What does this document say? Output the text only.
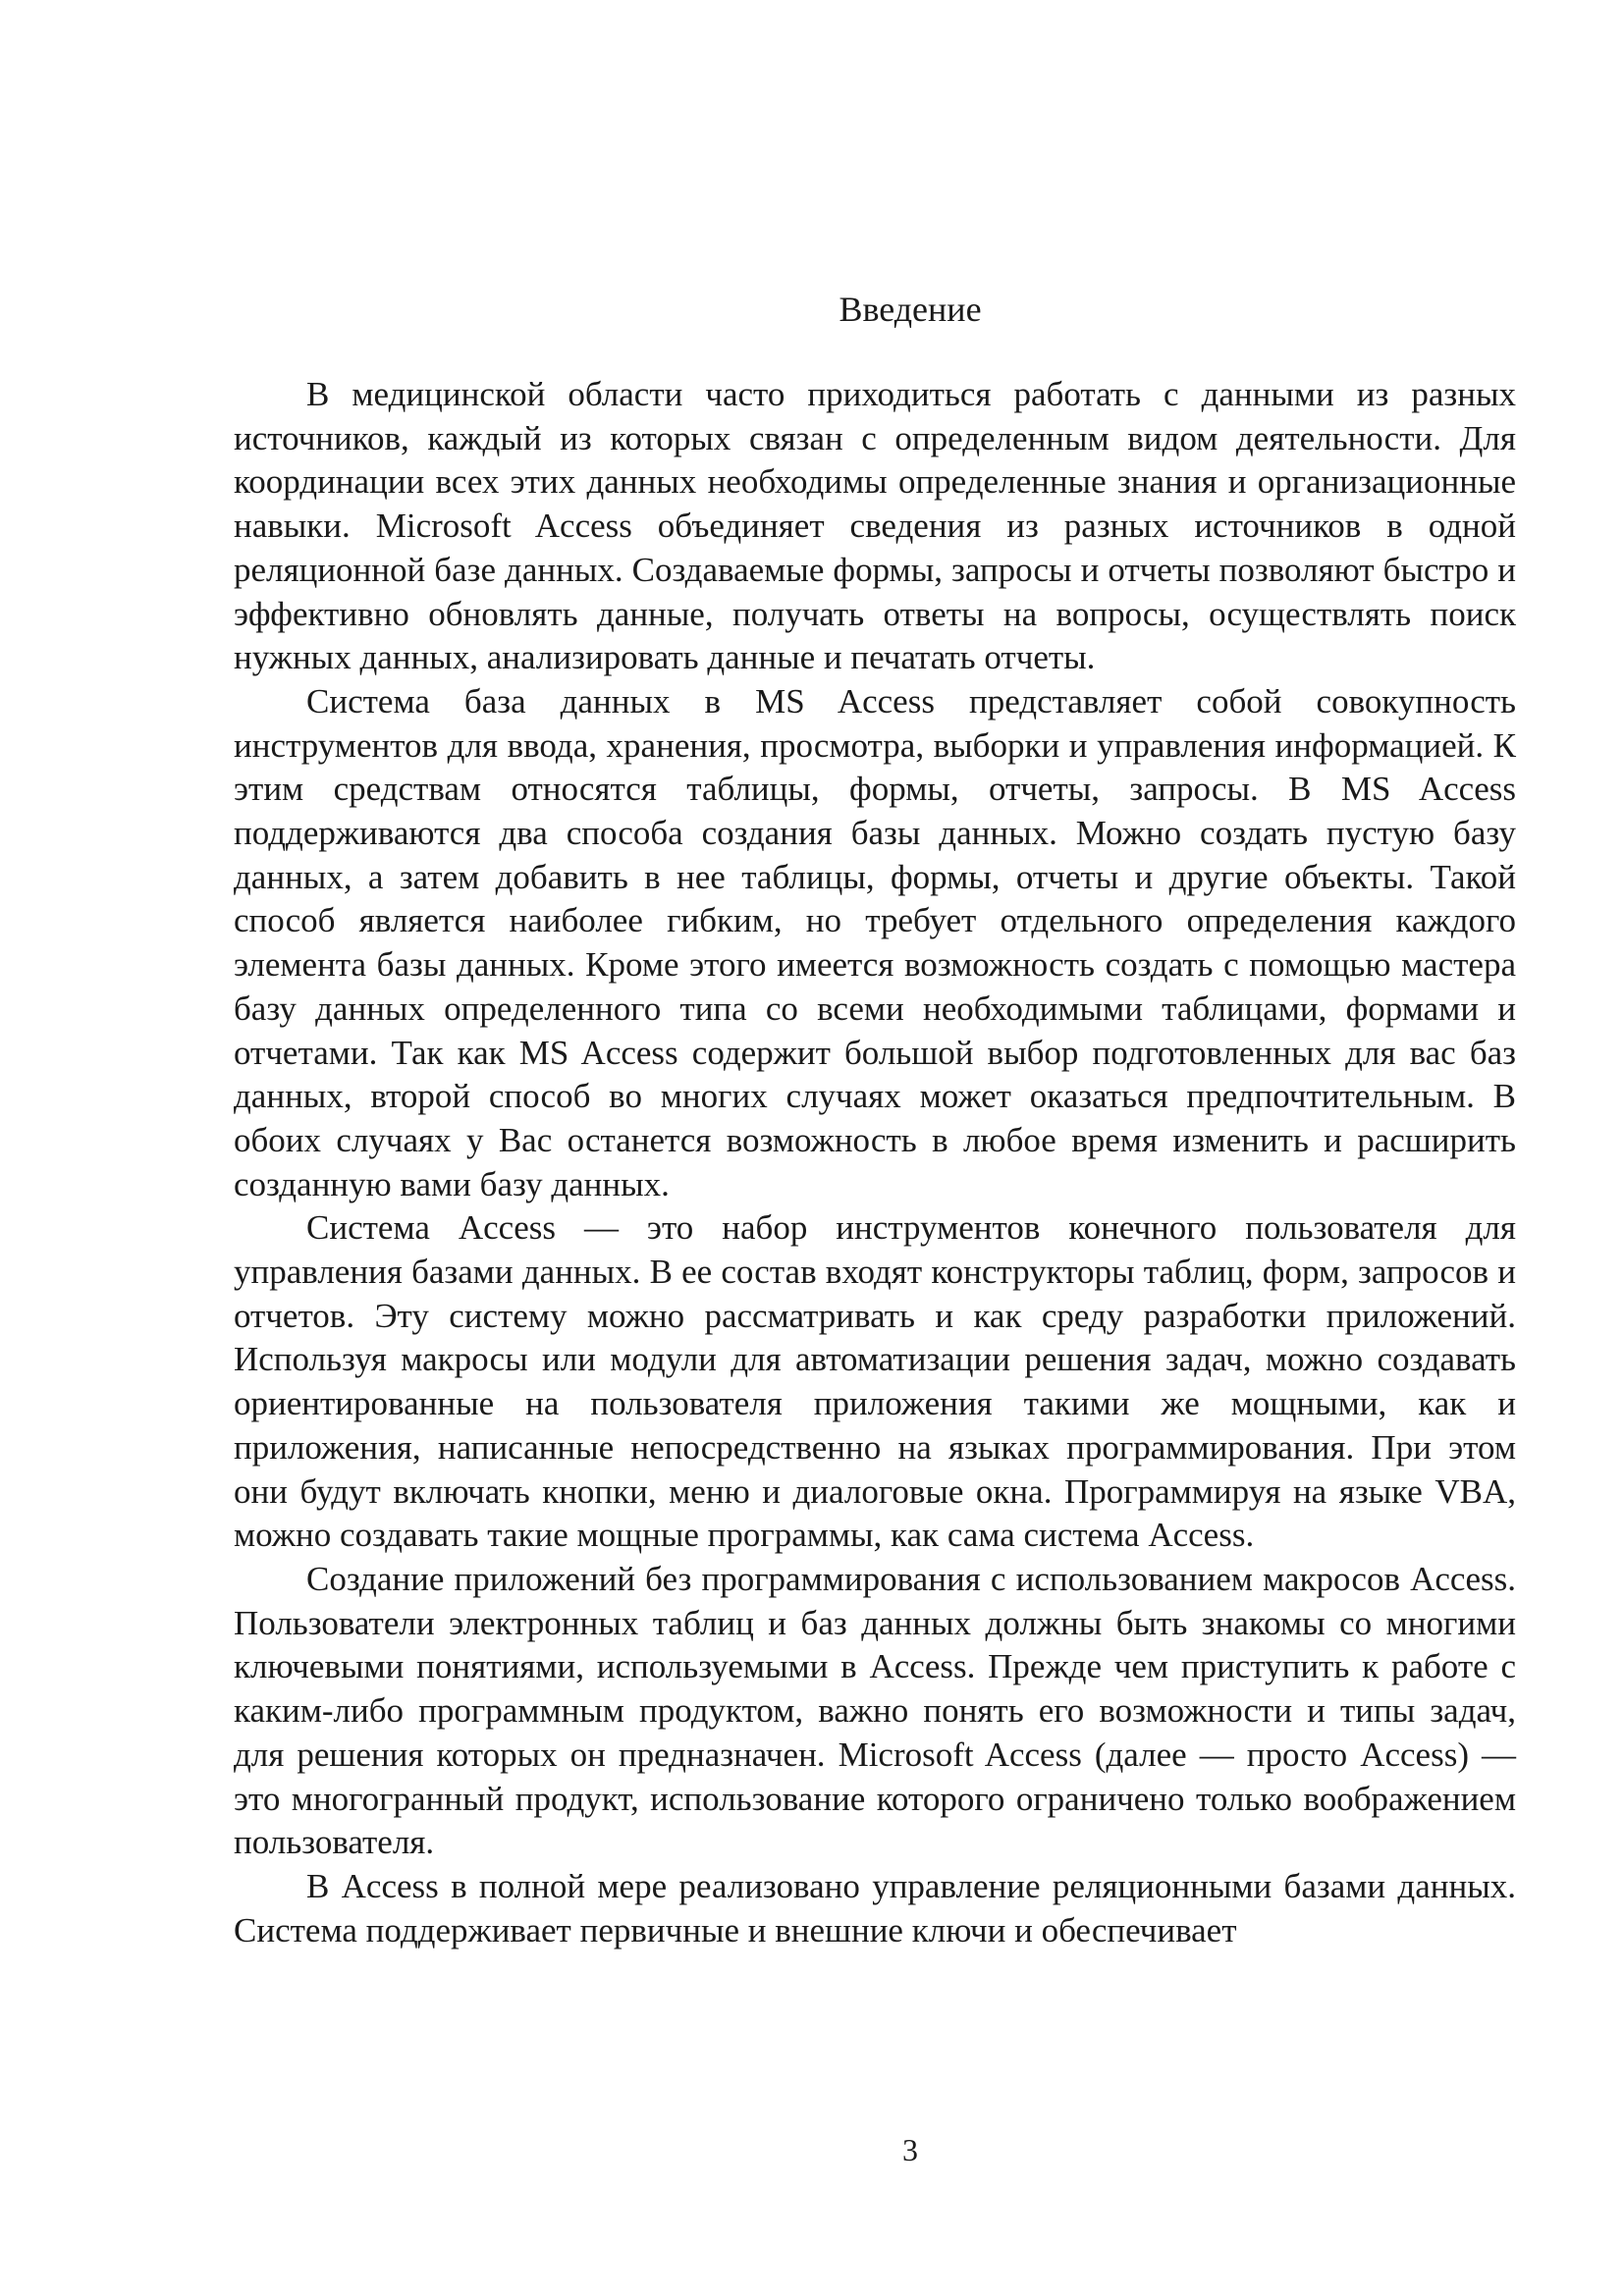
Введение

В медицинской области часто приходиться работать с данными из разных источников, каждый из которых связан с определенным видом деятельности. Для координации всех этих данных необходимы определенные знания и организационные навыки. Microsoft Access объединяет сведения из разных источников в одной реляционной базе данных. Создаваемые формы, запросы и отчеты позволяют быстро и эффективно обновлять данные, получать ответы на вопросы, осуществлять поиск нужных данных, анализировать данные и печатать отчеты.

Система база данных в MS Access представляет собой совокупность инструментов для ввода, хранения, просмотра, выборки и управления информацией. К этим средствам относятся таблицы, формы, отчеты, запросы. В MS Access поддерживаются два способа создания базы данных. Можно создать пустую базу данных, а затем добавить в нее таблицы, формы, отчеты и другие объекты. Такой способ является наиболее гибким, но требует отдельного определения каждого элемента базы данных. Кроме этого имеется возможность создать с помощью мастера базу данных определенного типа со всеми необходимыми таблицами, формами и отчетами. Так как MS Access содержит большой выбор подготовленных для вас баз данных, второй способ во многих случаях может оказаться предпочтительным. В обоих случаях у Вас останется возможность в любое время изменить и расширить созданную вами базу данных.

Система Access — это набор инструментов конечного пользователя для управления базами данных. В ее состав входят конструкторы таблиц, форм, запросов и отчетов. Эту систему можно рассматривать и как среду разработки приложений. Используя макросы или модули для автоматизации решения задач, можно создавать ориентированные на пользователя приложения такими же мощными, как и приложения, написанные непосредственно на языках программирования. При этом они будут включать кнопки, меню и диалоговые окна. Программируя на языке VBA, можно создавать такие мощные программы, как сама система Access.

Создание приложений без программирования с использованием макросов Access. Пользователи электронных таблиц и баз данных должны быть знакомы со многими ключевыми понятиями, используемыми в Access. Прежде чем приступить к работе с каким-либо программным продуктом, важно понять его возможности и типы задач, для решения которых он предназначен. Microsoft Access (далее — просто Access) — это многогранный продукт, использование которого ограничено только воображением пользователя.

В Access в полной мере реализовано управление реляционными базами данных. Система поддерживает первичные и внешние ключи и обеспечивает

3
